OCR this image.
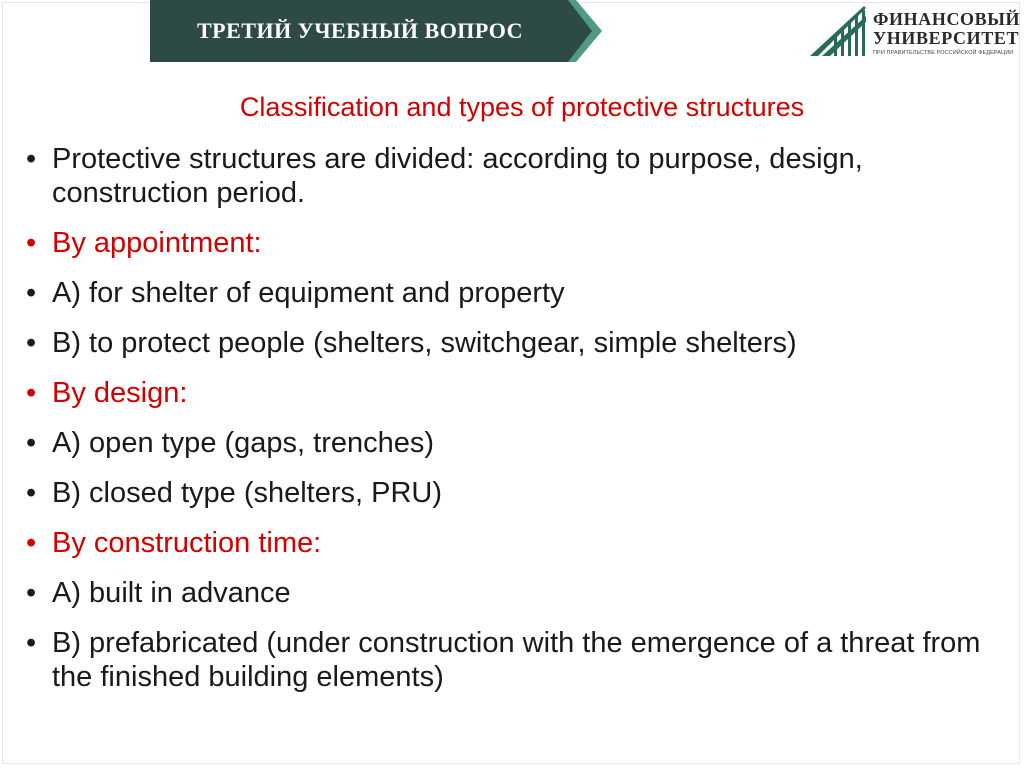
ТРЕТИЙ УЧЕБНЫЙ ВОПРОС	ФИНАНСОВЫЙ
УНИВЕРСИТЕТ
ПРИ ПРАВИТЕЛЬСТВЕ РОССИЙСКОЙ ФЕДЕРАЦИИ
Classification and types of protective structures
• Protective structures are divided: according to purpose, design, construction period.
• By appointment:
• A) for shelter of equipment and property
• B) to protect people (shelters, switchgear, simple shelters)
• By design:
• A) open type (gaps, trenches)
• B) closed type (shelters, PRU)
• By construction time:
• A) built in advance
• B) prefabricated (under construction with the emergence of a threat from the finished building elements)
